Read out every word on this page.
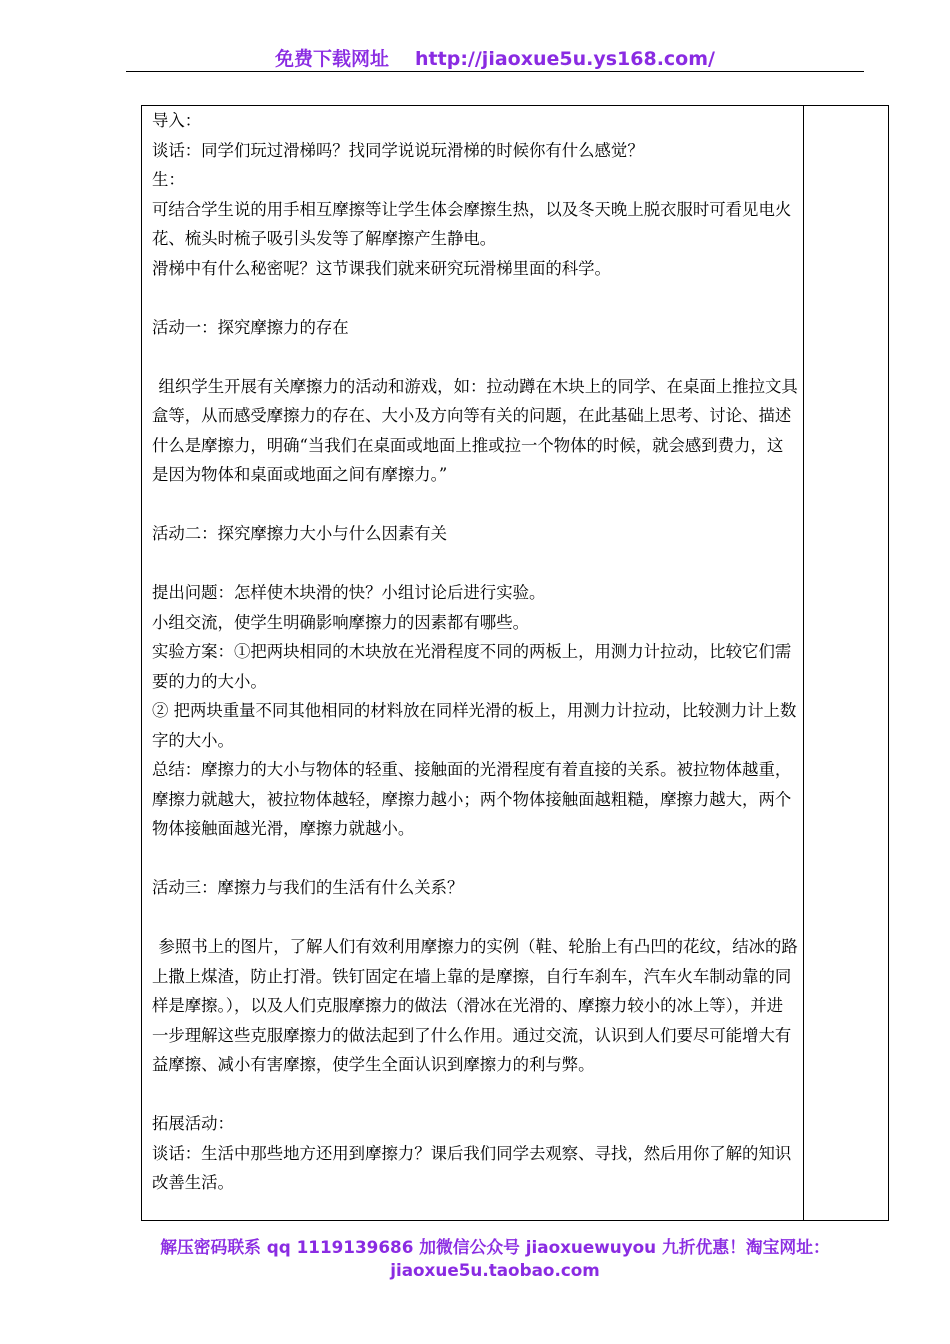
免费下载网址 http://jiaoxue5u.ys168.com/

导入：

谈话：同学们玩过滑梯吗？找同学说说玩滑梯的时候你有什么感觉？

生：

可结合学生说的用手相互摩擦等让学生体会摩擦生热，以及冬天晚上脱衣服时可看见电火花、梳头时梳子吸引头发等了解摩擦产生静电。

滑梯中有什么秘密呢？这节课我们就来研究玩滑梯里面的科学。

活动一：探究摩擦力的存在

组织学生开展有关摩擦力的活动和游戏，如：拉动蹲在木块上的同学、在桌面上推拉文具盒等，从而感受摩擦力的存在、大小及方向等有关的问题，在此基础上思考、讨论、描述什么是摩擦力，明确“当我们在桌面或地面上推或拉一个物体的时候，就会感到费力，这是因为物体和桌面或地面之间有摩擦力。”

活动二：探究摩擦力大小与什么因素有关

提出问题：怎样使木块滑的快？小组讨论后进行实验。

小组交流，使学生明确影响摩擦力的因素都有哪些。

实验方案：①把两块相同的木块放在光滑程度不同的两板上，用测力计拉动，比较它们需要的力的大小。

② 把两块重量不同其他相同的材料放在同样光滑的板上，用测力计拉动，比较测力计上数字的大小。

总结：摩擦力的大小与物体的轻重、接触面的光滑程度有着直接的关系。被拉物体越重，摩擦力就越大，被拉物体越轻，摩擦力越小；两个物体接触面越粗糙，摩擦力越大，两个物体接触面越光滑，摩擦力就越小。

活动三：摩擦力与我们的生活有什么关系？

参照书上的图片，了解人们有效利用摩擦力的实例（鞋、轮胎上有凸凹的花纹，结冰的路上撒上煤渣，防止打滑。铁钉固定在墙上靠的是摩擦，自行车刹车，汽车火车制动靠的同样是摩擦。），以及人们克服摩擦力的做法（滑冰在光滑的、摩擦力较小的冰上等），并进一步理解这些克服摩擦力的做法起到了什么作用。通过交流，认识到人们要尽可能增大有益摩擦、减小有害摩擦，使学生全面认识到摩擦力的利与弊。

拓展活动：

谈话：生活中那些地方还用到摩擦力？课后我们同学去观察、寻找，然后用你了解的知识改善生活。

解压密码联系 qq 1119139686 加微信公众号 jiaoxuewuyou 九折优惠！淘宝网址：jiaoxue5u.taobao.com
